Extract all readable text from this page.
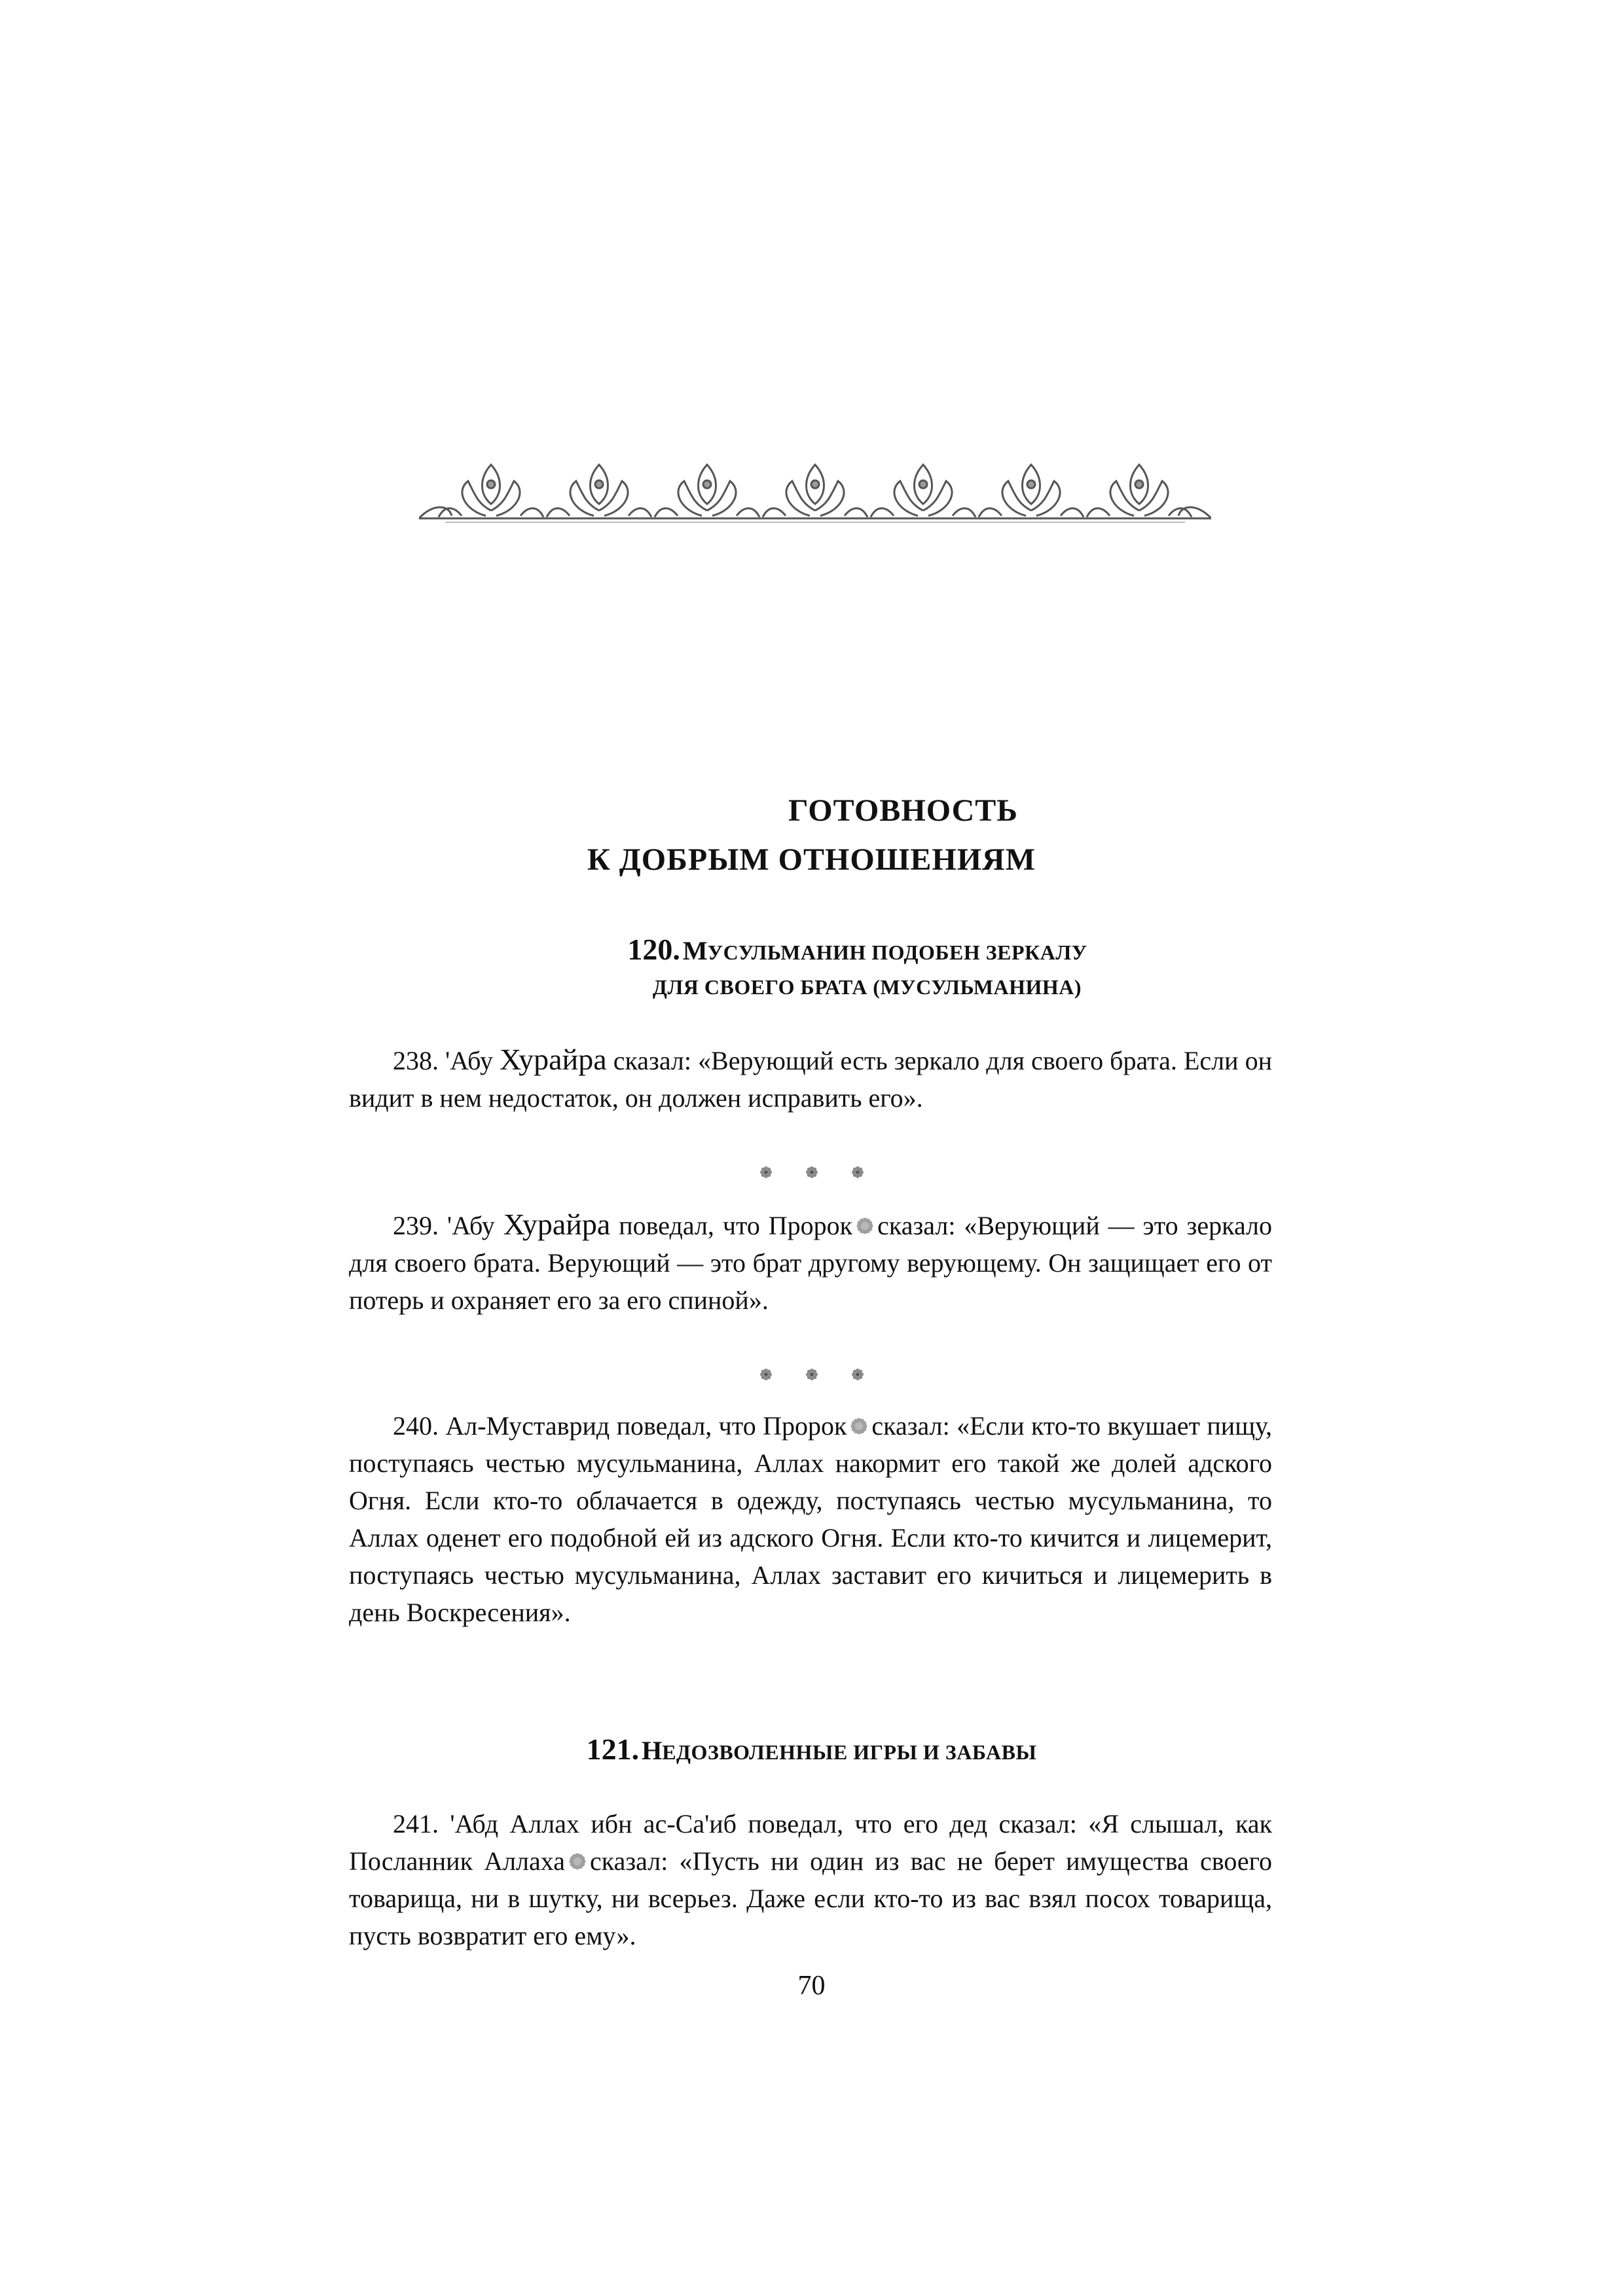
ГОТОВНОСТЬ
К ДОБРЫМ ОТНОШЕНИЯМ
120. МУСУЛЬМАНИН ПОДОБЕН ЗЕРКАЛУ
ДЛЯ СВОЕГО БРАТА (МУСУЛЬМАНИНА)

238. 'Абу Хурайра сказал: «Верующий есть зеркало для своего брата. Если он видит в нем недостаток, он должен исправить его».

239. 'Абу Хурайра поведал, что Пророк сказал: «Верующий — это зеркало для своего брата. Верующий — это брат другому верующему. Он защищает его от потерь и охраняет его за его спиной».

240. Ал-Муставрид поведал, что Пророк сказал: «Если кто-то вкушает пищу, поступаясь честью мусульманина, Аллах накормит его такой же долей адского Огня. Если кто-то облачается в одежду, поступаясь честью мусульманина, то Аллах оденет его подобной ей из адского Огня. Если кто-то кичится и лицемерит, поступаясь честью мусульманина, Аллах заставит его кичиться и лицемерить в день Воскресения».

121. НЕДОЗВОЛЕННЫЕ ИГРЫ И ЗАБАВЫ

241. 'Абд Аллах ибн ас-Са'иб поведал, что его дед сказал: «Я слышал, как Посланник Аллаха сказал: «Пусть ни один из вас не берет имущества своего товарища, ни в шутку, ни всерьез. Даже если кто-то из вас взял посох товарища, пусть возвратит его ему».

70
